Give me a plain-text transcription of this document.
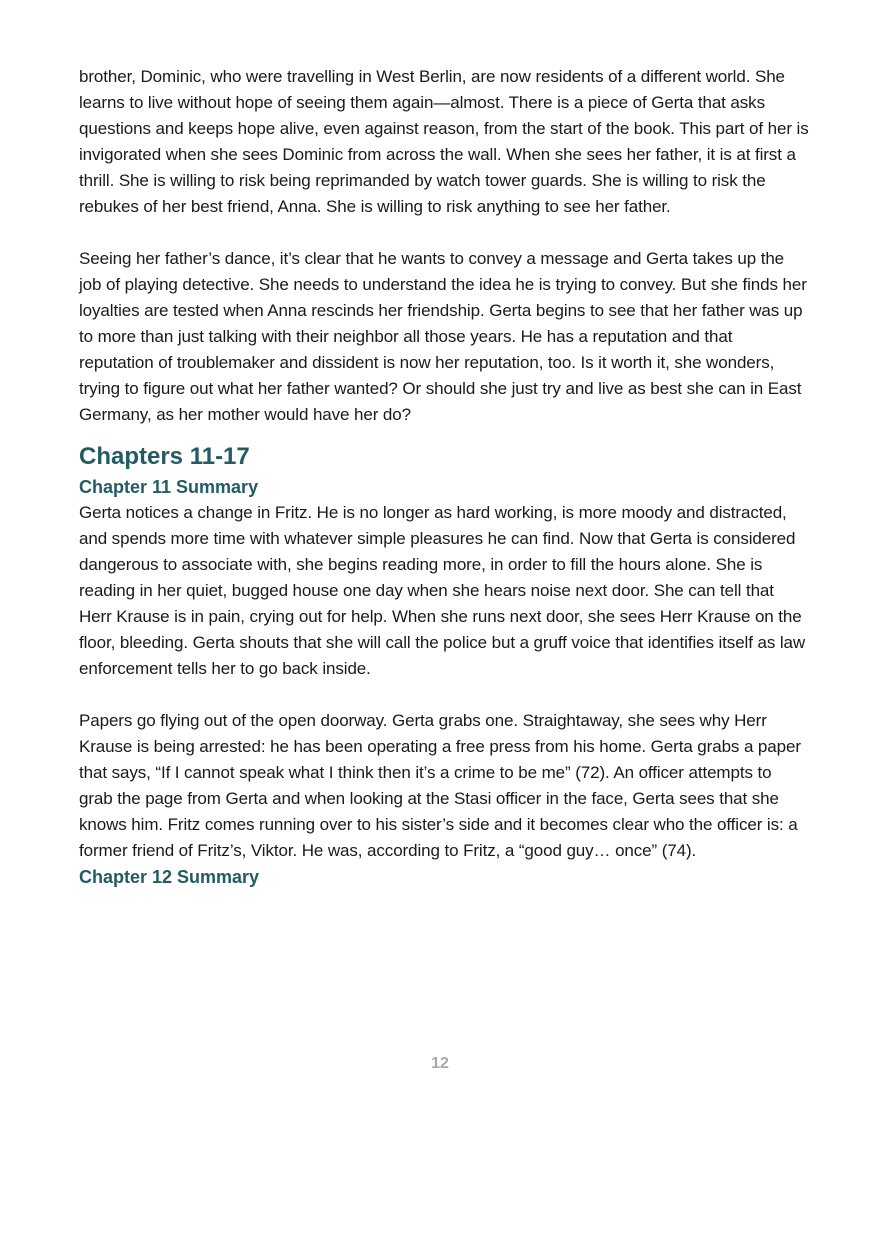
brother, Dominic, who were travelling in West Berlin, are now residents of a different world. She learns to live without hope of seeing them again—almost. There is a piece of Gerta that asks questions and keeps hope alive, even against reason, from the start of the book. This part of her is invigorated when she sees Dominic from across the wall. When she sees her father, it is at first a thrill. She is willing to risk being reprimanded by watch tower guards. She is willing to risk the rebukes of her best friend, Anna. She is willing to risk anything to see her father.

Seeing her father’s dance, it’s clear that he wants to convey a message and Gerta takes up the job of playing detective. She needs to understand the idea he is trying to convey. But she finds her loyalties are tested when Anna rescinds her friendship. Gerta begins to see that her father was up to more than just talking with their neighbor all those years. He has a reputation and that reputation of troublemaker and dissident is now her reputation, too. Is it worth it, she wonders, trying to figure out what her father wanted? Or should she just try and live as best she can in East Germany, as her mother would have her do?

Chapters 11-17
Chapter 11 Summary

Gerta notices a change in Fritz. He is no longer as hard working, is more moody and distracted, and spends more time with whatever simple pleasures he can find. Now that Gerta is considered dangerous to associate with, she begins reading more, in order to fill the hours alone. She is reading in her quiet, bugged house one day when she hears noise next door. She can tell that Herr Krause is in pain, crying out for help. When she runs next door, she sees Herr Krause on the floor, bleeding. Gerta shouts that she will call the police but a gruff voice that identifies itself as law enforcement tells her to go back inside.

Papers go flying out of the open doorway. Gerta grabs one. Straightaway, she sees why Herr Krause is being arrested: he has been operating a free press from his home. Gerta grabs a paper that says, “If I cannot speak what I think then it’s a crime to be me” (72). An officer attempts to grab the page from Gerta and when looking at the Stasi officer in the face, Gerta sees that she knows him. Fritz comes running over to his sister’s side and it becomes clear who the officer is: a former friend of Fritz’s, Viktor. He was, according to Fritz, a “good guy… once” (74).

Chapter 12 Summary
12
